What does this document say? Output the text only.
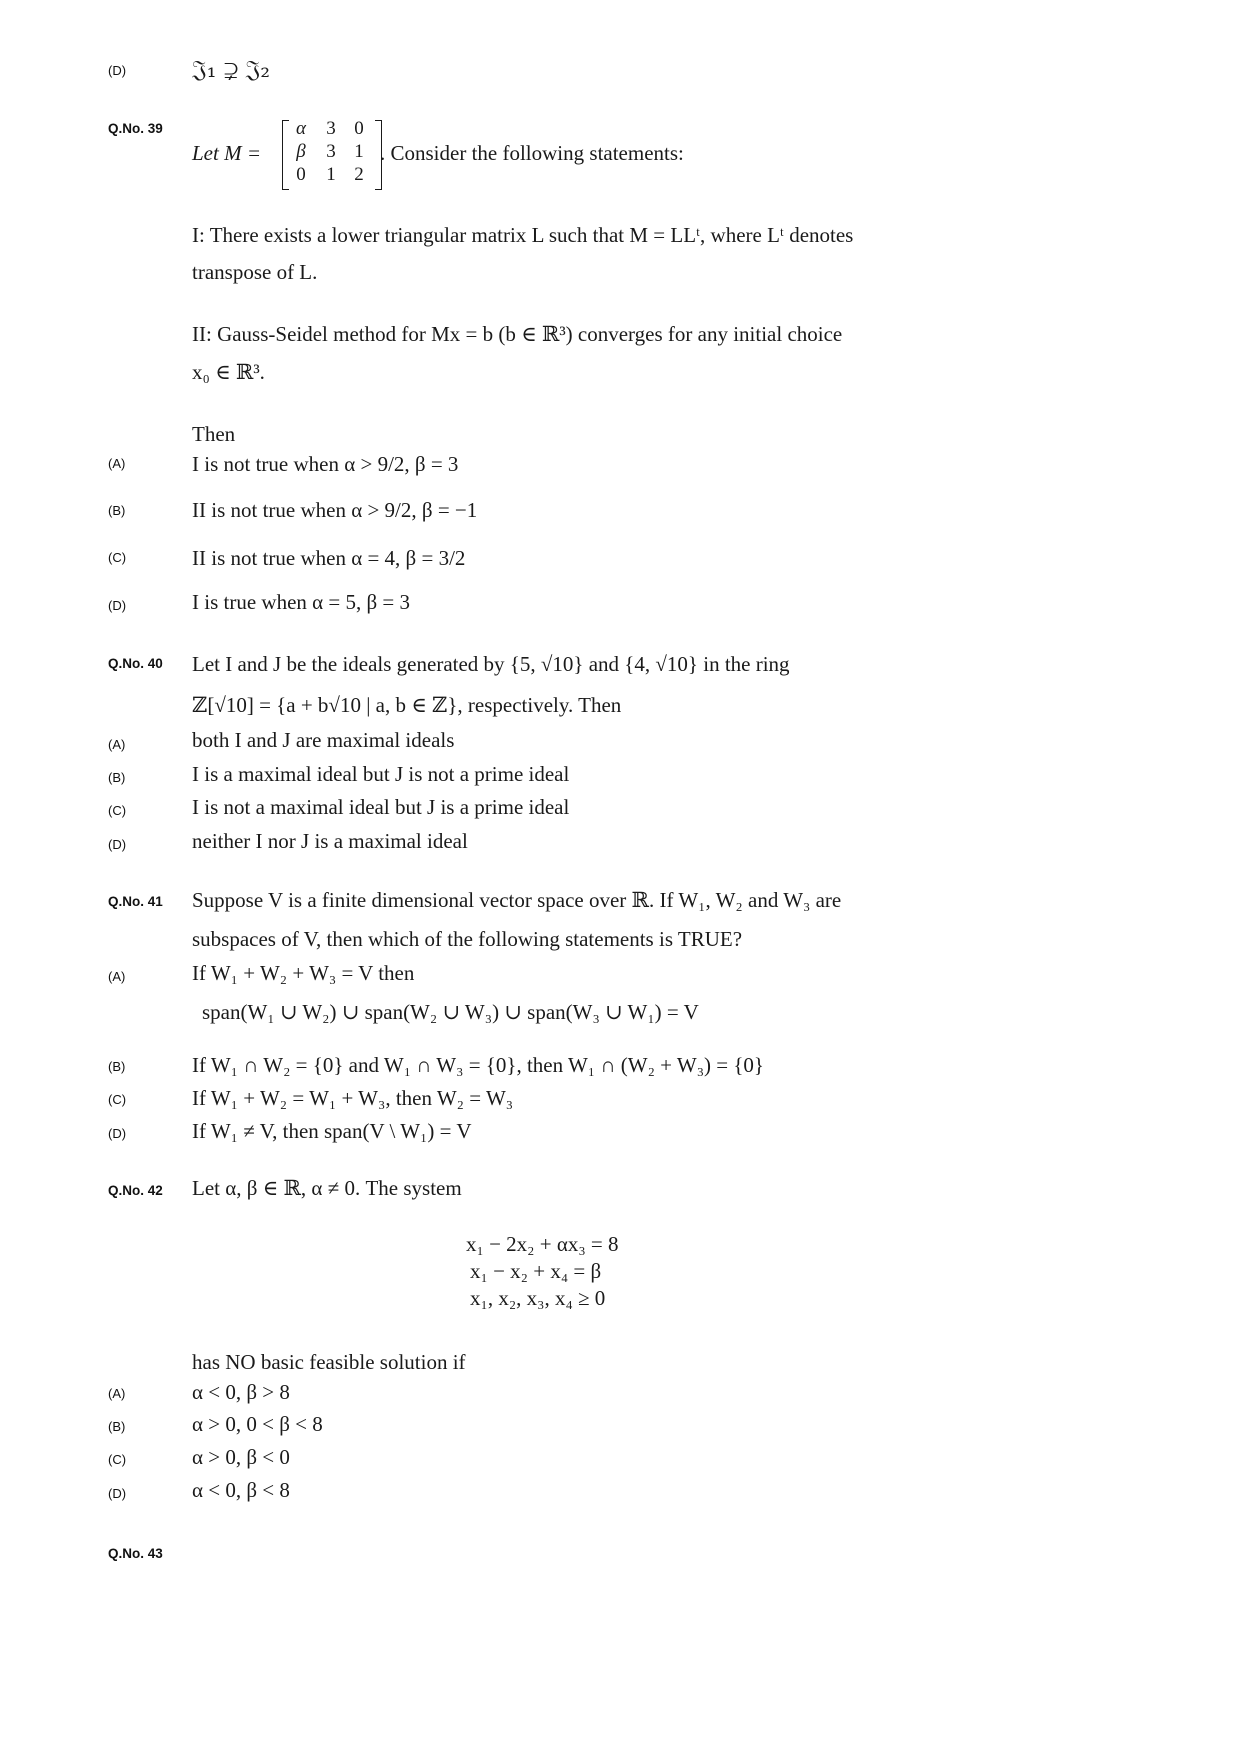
(D)	𝔍₁ ⊋ 𝔍₂
Q.No. 39
Let M =
α	3 0
β	3 1
0	1 2
. Consider the following statements:
I: There exists a lower triangular matrix L such that M = LLᵗ, where Lᵗ denotes
transpose of L.
II: Gauss-Seidel method for Mx = b (b ∈ ℝ³) converges for any initial choice
x₀ ∈ ℝ³.
Then
(A)	I is not true when α > 9/2, β = 3
(B)	II is not true when α > 9/2, β = −1
(C)	II is not true when α = 4, β = 3/2
(D)	I is true when α = 5, β = 3
Q.No. 40 Let I and J be the ideals generated by {5, √10} and {4, √10} in the ring
ℤ[√10] = {a + b√10 | a, b ∈ ℤ}, respectively. Then
(A)	both I and J are maximal ideals
(B)	I is a maximal ideal but J is not a prime ideal
(C)	I is not a maximal ideal but J is a prime ideal
(D)	neither I nor J is a maximal ideal
Q.No. 41 Suppose V is a finite dimensional vector space over ℝ. If W₁, W₂ and W₃ are
subspaces of V, then which of the following statements is TRUE?
(A)	If W₁ + W₂ + W₃ = V then
span(W₁ ∪ W₂) ∪ span(W₂ ∪ W₃) ∪ span(W₃ ∪ W₁) = V
(B)	If W₁ ∩ W₂ = {0} and W₁ ∩ W₃ = {0}, then W₁ ∩ (W₂ + W₃) = {0}
(C)	If W₁ + W₂ = W₁ + W₃, then W₂ = W₃
(D)	If W₁ ≠ V, then span(V \ W₁) = V
Q.No. 42 Let α, β ∈ ℝ, α ≠ 0. The system
x₁ − 2x₂ + αx₃ = 8
x₁ − x₂ + x₄ = β
x₁, x₂, x₃, x₄ ≥ 0
has NO basic feasible solution if
(A)	α < 0, β > 8
(B)	α > 0, 0 < β < 8
(C)	α > 0, β < 0
(D)	α < 0, β < 8
Q.No. 43
